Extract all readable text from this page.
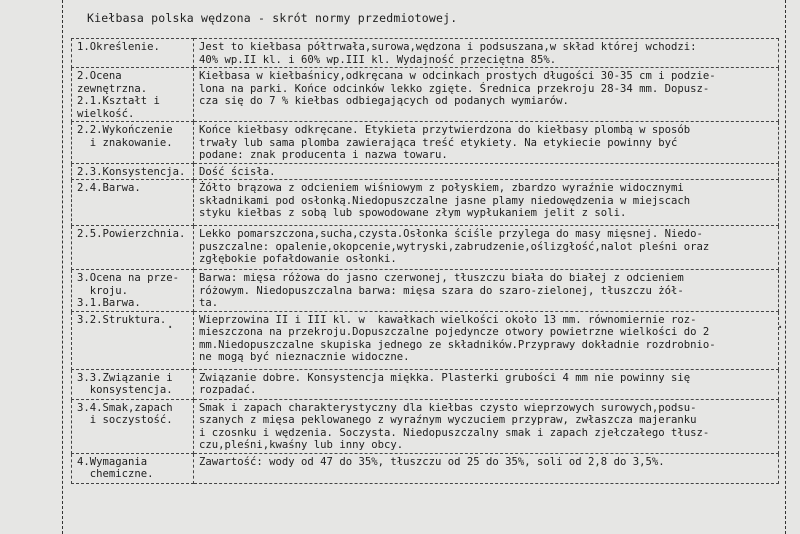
Kiełbasa polska wędzona - skrót normy przedmiotowej.
1.Określenie.	Jest to kiełbasa półtrwała,surowa,wędzona i podsuszana,w skład której wchodzi:
40% wp.II kl. i 60% wp.III kl. Wydajność przeciętna 85%.
2.Ocena zewnętrzna.
2.1.Kształt i wielkość.	Kiełbasa w kiełbaśnicy,odkręcana w odcinkach prostych długości 30-35 cm i podzie-
lona na parki. Końce odcinków lekko zgięte. Średnica przekroju 28-34 mm. Dopusz-
cza się do 7 % kiełbas odbiegających od podanych wymiarów.
2.2.Wykończenie
i znakowanie.	Końce kiełbasy odkręcane. Etykieta przytwierdzona do kiełbasy plombą w sposób
trwały lub sama plomba zawierająca treść etykiety. Na etykiecie powinny być
podane: znak producenta i nazwa towaru.
2.3.Konsystencja.	Dość ścisła.
2.4.Barwa.	Żółto brązowa z odcieniem wiśniowym z połyskiem, zbardzo wyraźnie widocznymi
składnikami pod osłonką.Niedopuszczalne jasne plamy niedowędzenia w miejscach
styku kiełbas z sobą lub spowodowane złym wypłukaniem jelit z soli.
2.5.Powierzchnia.	Lekko pomarszczona,sucha,czysta.Osłonka ściśle przylega do masy mięsnej. Niedo-
puszczalne: opalenie,okopcenie,wytryski,zabrudzenie,oślizgłość,nalot pleśni oraz
zgłębokie pofałdowanie osłonki.
3.Ocena na prze-
kroju.
3.1.Barwa.	Barwa: mięsa różowa do jasno czerwonej, tłuszczu biała do białej z odcieniem
różowym. Niedopuszczalna barwa: mięsa szara do szaro-zielonej, tłuszczu żół-
ta.
3.2.Struktura.	Wieprzowina II i III kl. w  kawałkach wielkości około 13 mm. równomiernie roz-
mieszczona na przekroju.Dopuszczalne pojedyncze otwory powietrzne wielkości do 2
mm.Niedopuszczalne skupiska jednego ze składników.Przyprawy dokładnie rozdrobnio-
ne mogą być nieznacznie widoczne.
3.3.Związanie i
konsystencja.	Związanie dobre. Konsystencja miękka. Plasterki grubości 4 mm nie powinny się
rozpadać.
3.4.Smak,zapach
i soczystość.	Smak i zapach charakterystyczny dla kiełbas czysto wieprzowych surowych,podsu-
szanych z mięsa peklowanego z wyraźnym wyczuciem przypraw, zwłaszcza majeranku
i czosnku i wędzenia. Soczysta. Niedopuszczalny smak i zapach zjełczałego tłusz-
czu,pleśni,kwaśny lub inny obcy.
4.Wymagania
chemiczne.	Zawartość: wody od 47 do 35%, tłuszczu od 25 do 35%, soli od 2,8 do 3,5%.
·	·
